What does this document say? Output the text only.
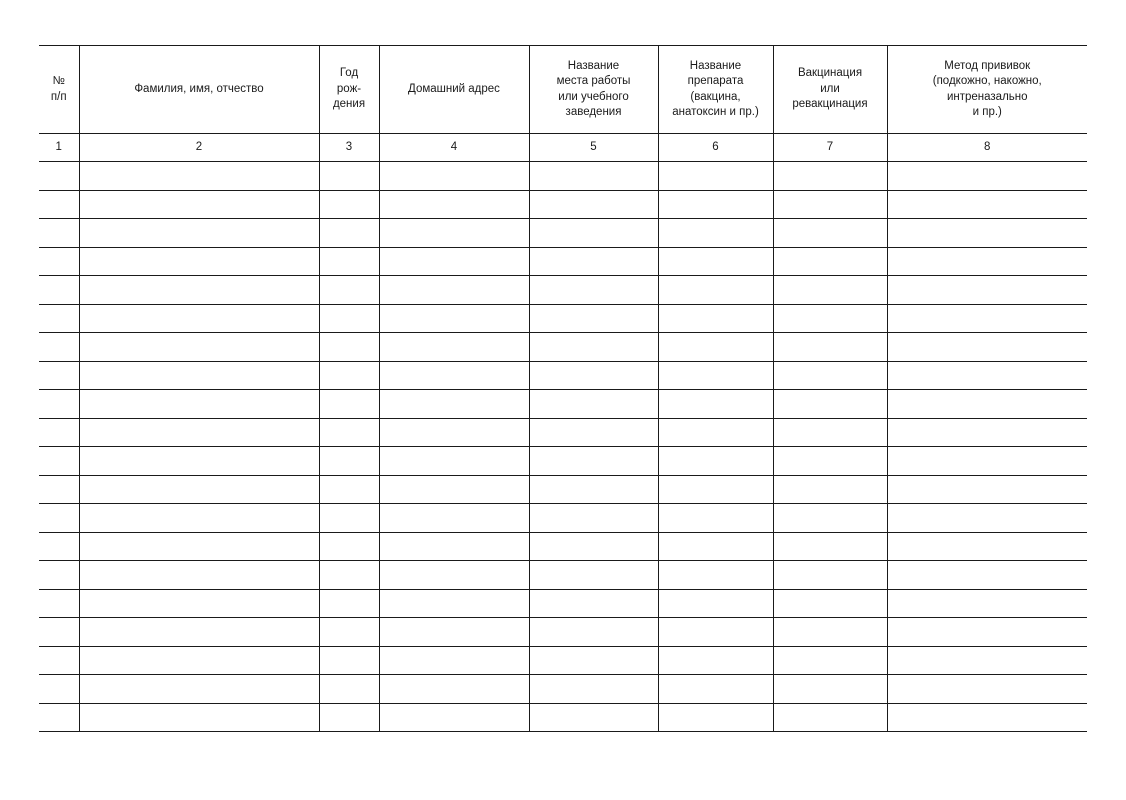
№
п/п	Фамилия, имя, отчество	Год
рож-
дения	Домашний адрес	Название
места работы
или учебного
заведения	Название
препарата
(вакцина,
анатоксин и пр.)	Вакцинация
или
ревакцинация	Метод прививок
(подкожно, накожно,
интреназально
и пр.)

1	2	3	4	5	6	7	8
